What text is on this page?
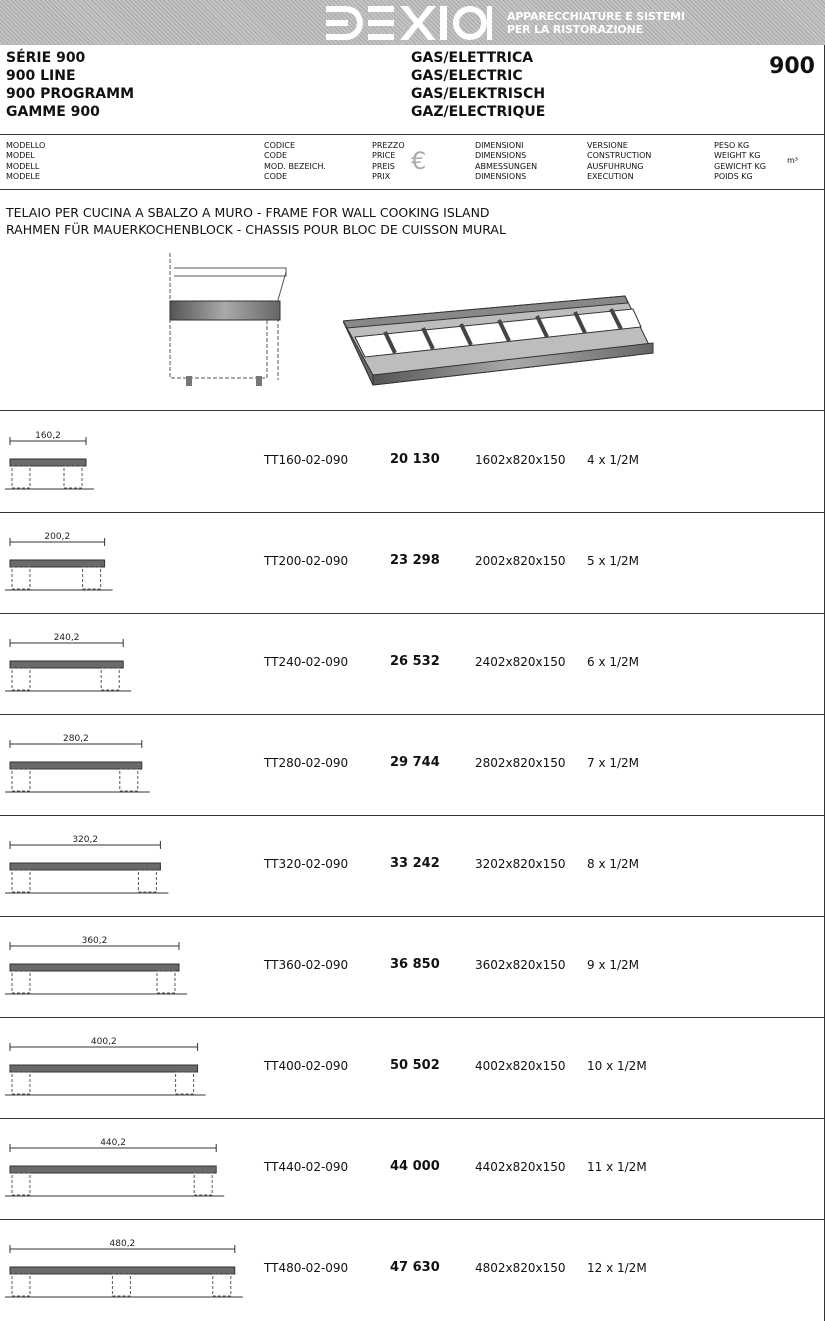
APPARECCHIATURE E SISTEMI
PER LA RISTORAZIONE
SÉRIE 900
900 LINE
900 PROGRAMM
GAMME 900
GAS/ELETTRICA
GAS/ELECTRIC
GAS/ELEKTRISCH
GAZ/ELECTRIQUE
900
MODELLO
MODEL
MODELL
MODELE
CODICE
CODE
MOD. BEZEICH.
CODE
PREZZO
PRICE
PREIS
PRIX
€
DIMENSIONI
DIMENSIONS
ABMESSUNGEN
DIMENSIONS
VERSIONE
CONSTRUCTION
AUSFUHRUNG
EXECUTION
PESO KG
WEIGHT KG
GEWICHT KG
POIDS KG
m³
TELAIO PER CUCINA A SBALZO A MURO - FRAME FOR WALL COOKING ISLAND
RAHMEN FÜR MAUERKOCHENBLOCK - CHASSIS POUR BLOC DE CUISSON MURAL
160,2
TT160-02-090	20 130	1602x820x150 4 x 1/2M
200,2
TT200-02-090	23 298	2002x820x150 5 x 1/2M
240,2
TT240-02-090	26 532	2402x820x150 6 x 1/2M
280,2
TT280-02-090	29 744	2802x820x150 7 x 1/2M
320,2
TT320-02-090	33 242	3202x820x150 8 x 1/2M
360,2
TT360-02-090	36 850	3602x820x150 9 x 1/2M
400,2
TT400-02-090	50 502	4002x820x150 10 x 1/2M
440,2
TT440-02-090	44 000	4402x820x150 11 x 1/2M
480,2
TT480-02-090	47 630	4802x820x150 12 x 1/2M
